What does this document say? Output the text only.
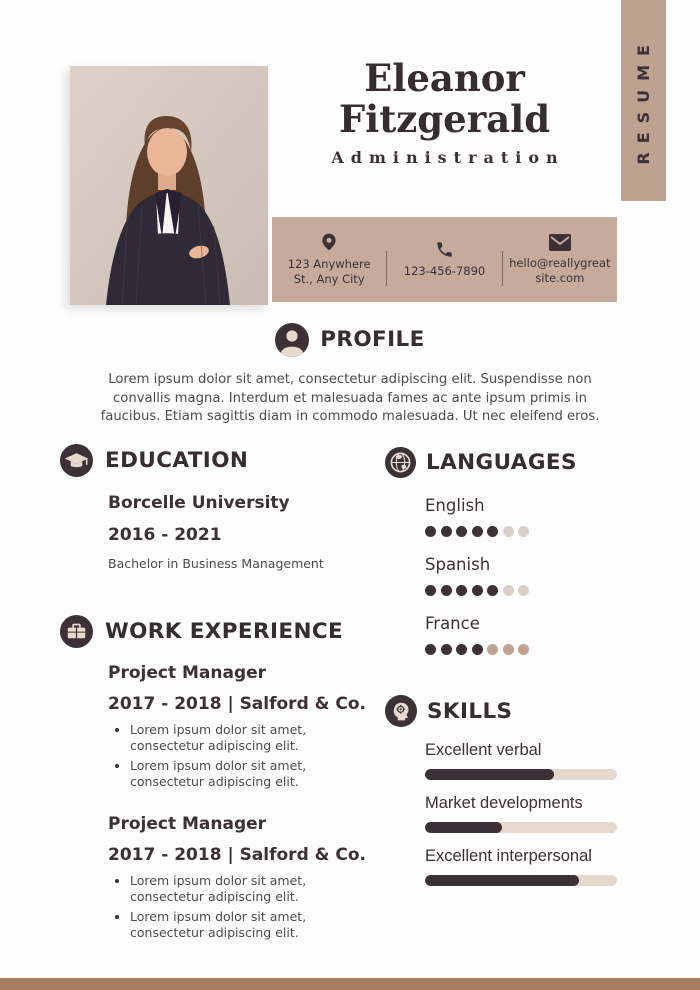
Eleanor
Fitzgerald
Administration	RESUME
123 Anywhere St., Any City
123-456-7890
hello@reallygreatsite.com
PROFILE
Lorem ipsum dolor sit amet, consectetur adipiscing elit. Suspendisse non convallis magna. Interdum et malesuada fames ac ante ipsum primis in faucibus. Etiam sagittis diam in commodo malesuada. Ut nec eleifend eros.
EDUCATION
Borcelle University
2016 - 2021
Bachelor in Business Management
WORK EXPERIENCE
Project Manager
2017 - 2018 | Salford & Co.
• Lorem ipsum dolor sit amet, consectetur adipiscing elit.
• Lorem ipsum dolor sit amet, consectetur adipiscing elit.
Project Manager
2017 - 2018 | Salford & Co.
• Lorem ipsum dolor sit amet, consectetur adipiscing elit.
• Lorem ipsum dolor sit amet, consectetur adipiscing elit.
LANGUAGES
English
Spanish
France
SKILLS
Excellent verbal
Market developments
Excellent interpersonal
